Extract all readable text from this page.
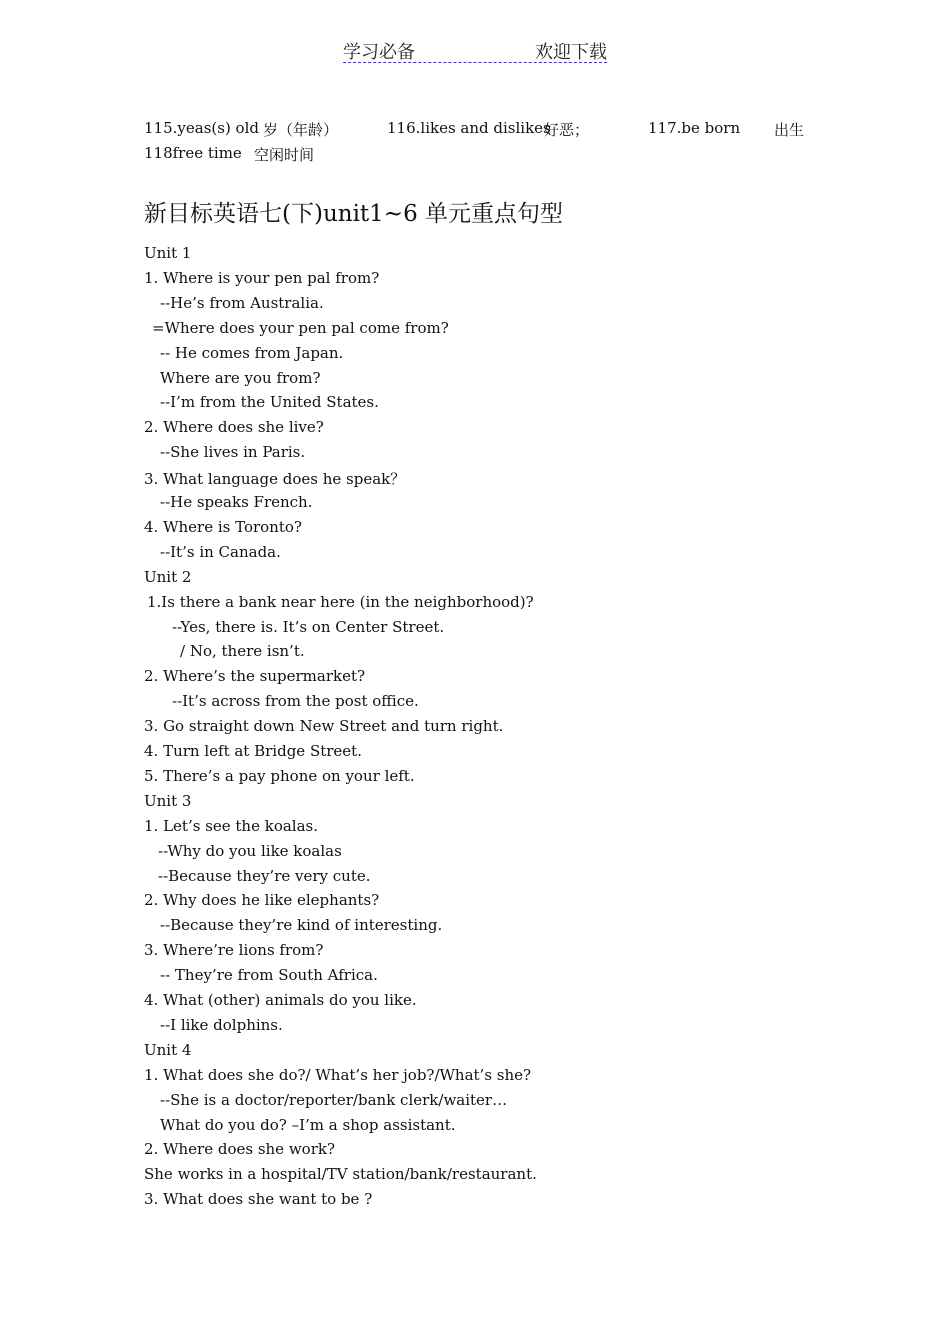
学习必备	欢迎下载
115.yeas(s) old 岁（年龄）	116.likes and dislikes
好恶；	117.be born 出生
118free time 空闲时间
新目标英语七(下)unit1~6 单元重点句型
Unit 1
1. Where is your pen pal from?
--He’s from Australia.
=Where does your pen pal come from?
-- He comes from Japan.
Where are you from?
--I’m from the United States.
2. Where does she live?
--She lives in Paris.
3. What language does he speak？
--He speaks French.
4. Where is Toronto?
--It’s in Canada.
Unit 2
1.Is there a bank near here (in the neighborhood)?
--Yes, there is. It’s on Center Street.
/ No, there isn’t.
2. Where’s the supermarket?
--It’s across from the post office.
3. Go straight down New Street and turn right.
4. Turn left at Bridge Street.
5. There’s a pay phone on your left.
Unit 3
1. Let’s see the koalas.
--Why do you like koalas
--Because they’re very cute.
2. Why does he like elephants?
--Because they’re kind of interesting.
3. Where’re lions from?
-- They’re from South Africa.
4. What (other) animals do you like.
--I like dolphins.
Unit 4
1. What does she do?/ What’s her job?/What’s she?
--She is a doctor/reporter/bank clerk/waiter…
What do you do? –I’m a shop assistant.
2. Where does she work?
She works in a hospital/TV station/bank/restaurant.
3. What does she want to be ?
